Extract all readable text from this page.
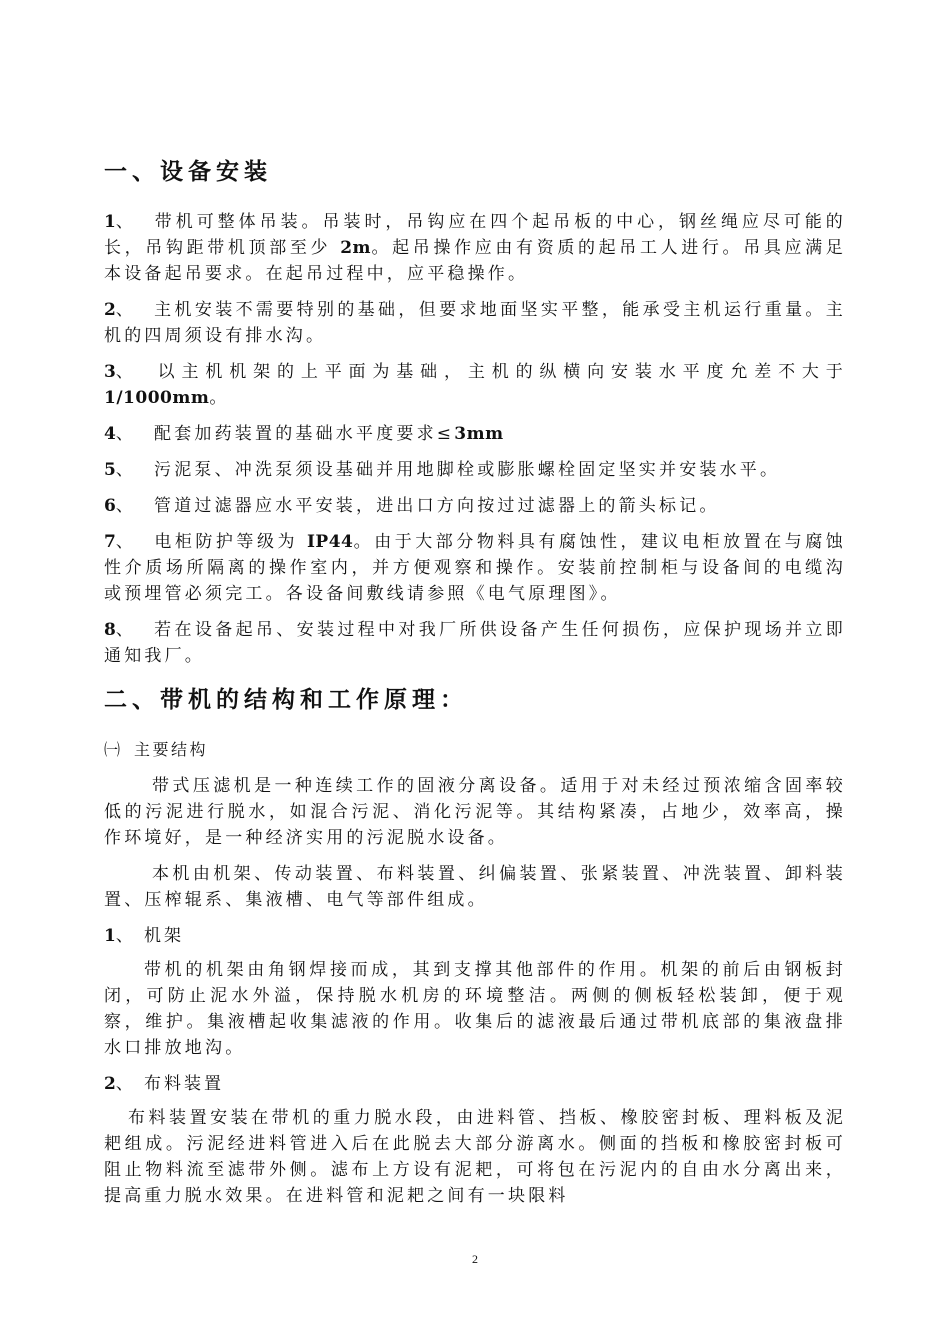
一、设备安装

1、 带机可整体吊装。吊装时，吊钩应在四个起吊板的中心，钢丝绳应尽可能的长，吊钩距带机顶部至少 2m。起吊操作应由有资质的起吊工人进行。吊具应满足本设备起吊要求。在起吊过程中，应平稳操作。

2、 主机安装不需要特别的基础，但要求地面坚实平整，能承受主机运行重量。主机的四周须设有排水沟。

3、 以主机机架的上平面为基础，主机的纵横向安装水平度允差不大于1/1000mm。

4、 配套加药装置的基础水平度要求≤3mm

5、 污泥泵、冲洗泵须设基础并用地脚栓或膨胀螺栓固定坚实并安装水平。

6、 管道过滤器应水平安装，进出口方向按过过滤器上的箭头标记。

7、 电柜防护等级为 IP44。由于大部分物料具有腐蚀性，建议电柜放置在与腐蚀性介质场所隔离的操作室内，并方便观察和操作。安装前控制柜与设备间的电缆沟或预埋管必须完工。各设备间敷线请参照《电气原理图》。

8、 若在设备起吊、安装过程中对我厂所供设备产生任何损伤，应保护现场并立即通知我厂。

二、带机的结构和工作原理：
㈠ 主要结构

带式压滤机是一种连续工作的固液分离设备。适用于对未经过预浓缩含固率较低的污泥进行脱水，如混合污泥、消化污泥等。其结构紧凑，占地少，效率高，操作环境好，是一种经济实用的污泥脱水设备。

本机由机架、传动装置、布料装置、纠偏装置、张紧装置、冲洗装置、卸料装置、压榨辊系、集液槽、电气等部件组成。

1、 机架

带机的机架由角钢焊接而成，其到支撑其他部件的作用。机架的前后由钢板封闭，可防止泥水外溢，保持脱水机房的环境整洁。两侧的侧板轻松装卸，便于观察，维护。集液槽起收集滤液的作用。收集后的滤液最后通过带机底部的集液盘排水口排放地沟。

2、 布料装置

布料装置安装在带机的重力脱水段，由进料管、挡板、橡胶密封板、理料板及泥耙组成。污泥经进料管进入后在此脱去大部分游离水。侧面的挡板和橡胶密封板可阻止物料流至滤带外侧。滤布上方设有泥耙，可将包在污泥内的自由水分离出来，提高重力脱水效果。在进料管和泥耙之间有一块限料

2
